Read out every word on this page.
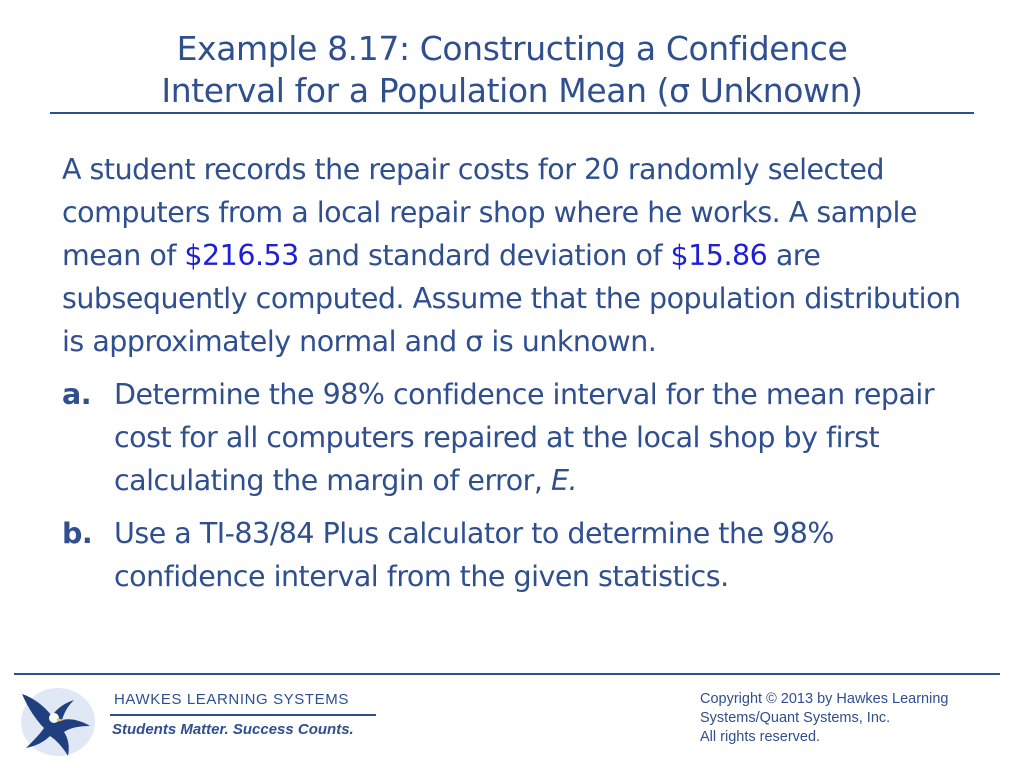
Example 8.17: Constructing a Confidence
Interval for a Population Mean (σ Unknown)

A student records the repair costs for 20 randomly selected computers from a local repair shop where he works. A sample mean of $216.53 and standard deviation of $15.86 are subsequently computed. Assume that the population distribution is approximately normal and σ is unknown.

a. Determine the 98% confidence interval for the mean repair cost for all computers repaired at the local shop by first calculating the margin of error, E.
b. Use a TI-83/84 Plus calculator to determine the 98% confidence interval from the given statistics.
HAWKES LEARNING SYSTEMS
Students Matter. Success Counts.
Copyright © 2013 by Hawkes Learning
Systems/Quant Systems, Inc.
All rights reserved.
